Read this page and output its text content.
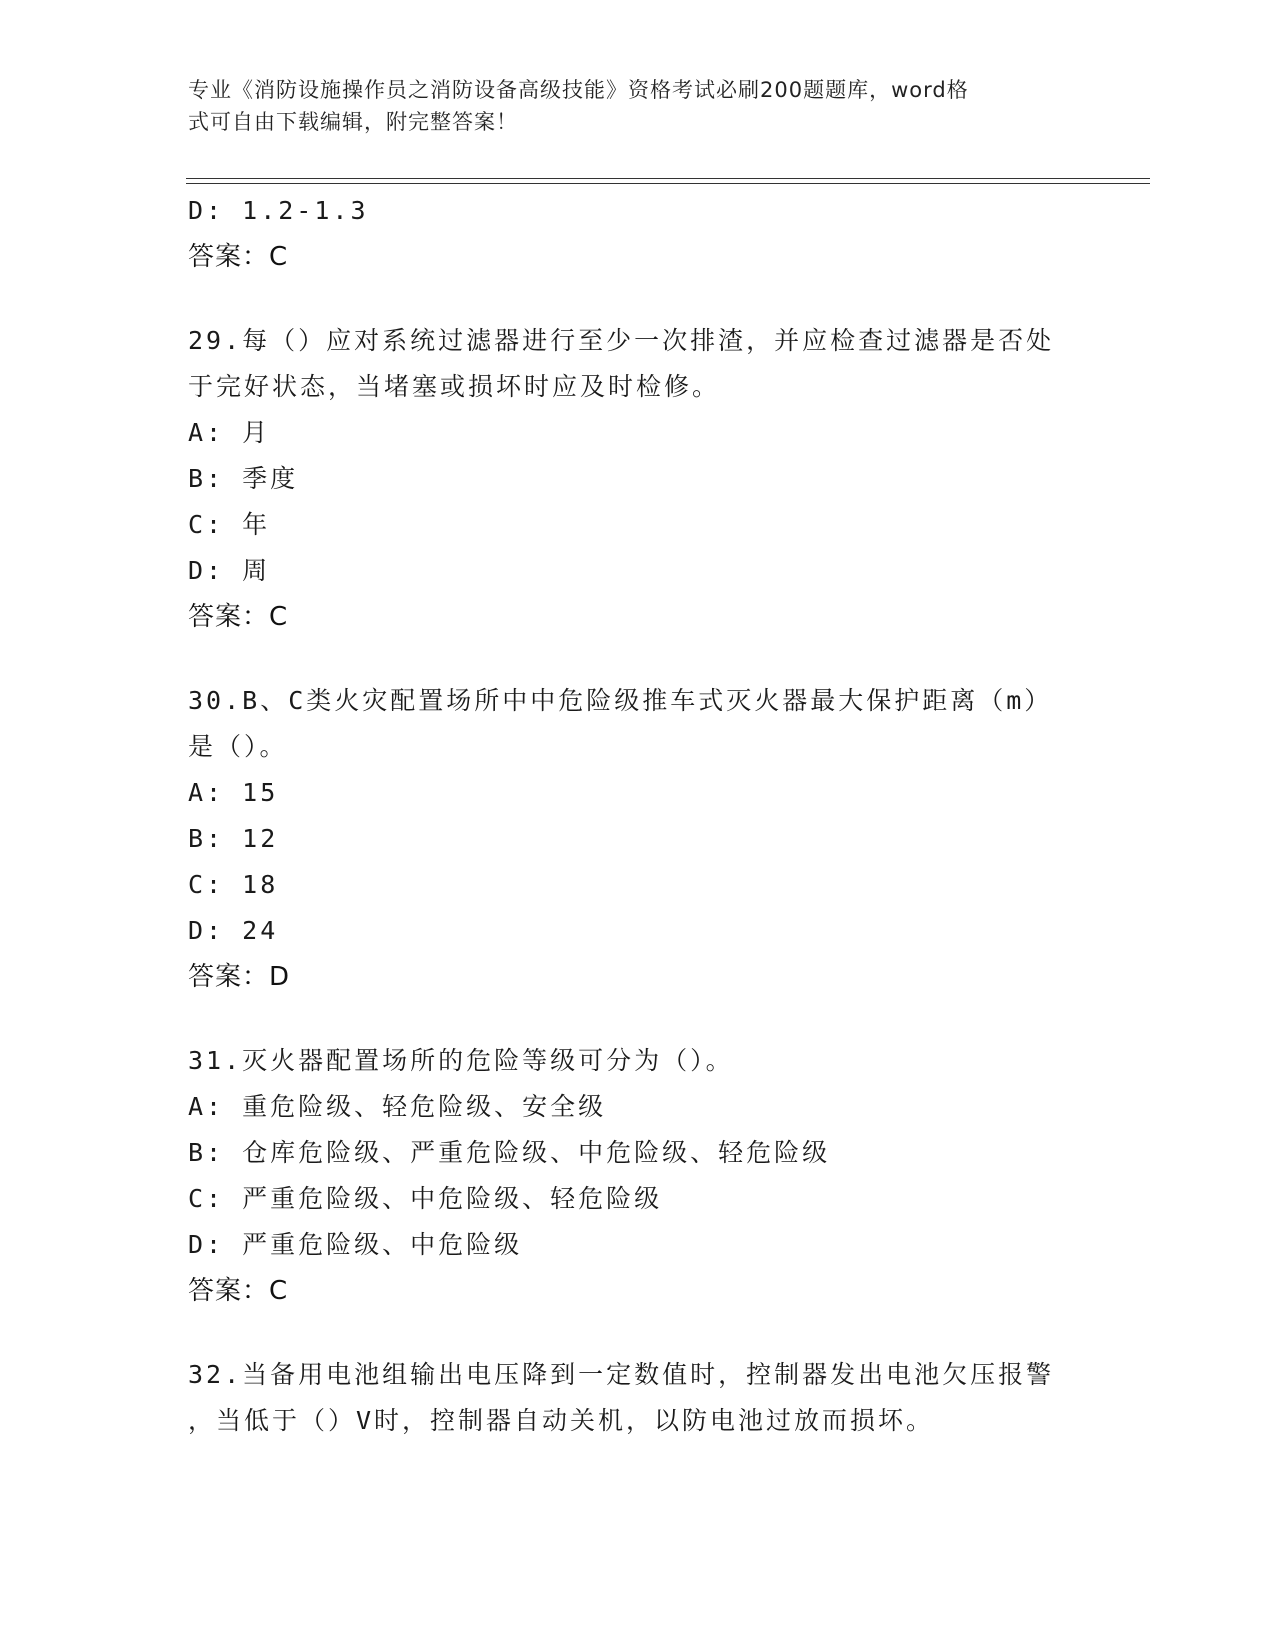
专业《消防设施操作员之消防设备高级技能》资格考试必刷200题题库，word格
式可自由下载编辑，附完整答案！
D: 1.2-1.3
答案：C
29.每（）应对系统过滤器进行至少一次排渣，并应检查过滤器是否处
于完好状态，当堵塞或损坏时应及时检修。
A: 月
B: 季度
C: 年
D: 周
答案：C
30.B、C类火灾配置场所中中危险级推车式灭火器最大保护距离（m）
是（）。
A: 15
B: 12
C: 18
D: 24
答案：D
31.灭火器配置场所的危险等级可分为（）。
A: 重危险级、轻危险级、安全级
B: 仓库危险级、严重危险级、中危险级、轻危险级
C: 严重危险级、中危险级、轻危险级
D: 严重危险级、中危险级
答案：C
32.当备用电池组输出电压降到一定数值时，控制器发出电池欠压报警
，当低于（）V时，控制器自动关机，以防电池过放而损坏。
